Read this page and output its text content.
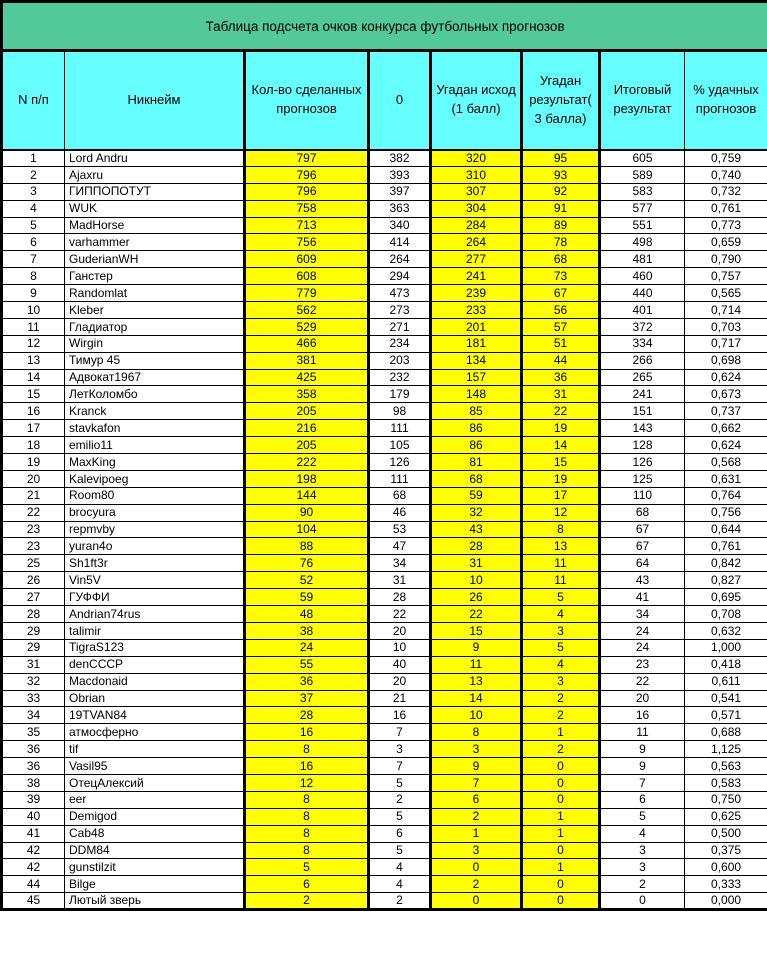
Таблица подсчета очков конкурса футбольных прогнозов							
N п/п	Никнейм	Кол-во сделанных прогнозов	0	Угадан исход (1 балл)	Угадан результат( 3 балла)	Итоговый результат	% удачных прогнозов
1	Lord Andru	797	382	320	95	605	0,759
2	Ajaxru	796	393	310	93	589	0,740
3	ГИППОПОТУТ	796	397	307	92	583	0,732
4	WUK	758	363	304	91	577	0,761
5	MadHorse	713	340	284	89	551	0,773
6	varhammer	756	414	264	78	498	0,659
7	GuderianWH	609	264	277	68	481	0,790
8	Ганстер	608	294	241	73	460	0,757
9	Randomlat	779	473	239	67	440	0,565
10	Kleber	562	273	233	56	401	0,714
11	Гладиатор	529	271	201	57	372	0,703
12	Wirgin	466	234	181	51	334	0,717
13	Тимур 45	381	203	134	44	266	0,698
14	Адвокат1967	425	232	157	36	265	0,624
15	ЛетКоломбо	358	179	148	31	241	0,673
16	Kranck	205	98	85	22	151	0,737
17	stavkafon	216	111	86	19	143	0,662
18	emilio11	205	105	86	14	128	0,624
19	MaxKing	222	126	81	15	126	0,568
20	Kalevipoeg	198	111	68	19	125	0,631
21	Room80	144	68	59	17	110	0,764
22	brocyura	90	46	32	12	68	0,756
23	repmvby	104	53	43	8	67	0,644
23	yuran4o	88	47	28	13	67	0,761
25	Sh1ft3r	76	34	31	11	64	0,842
26	Vin5V	52	31	10	11	43	0,827
27	ГУФФИ	59	28	26	5	41	0,695
28	Andrian74rus	48	22	22	4	34	0,708
29	talimir	38	20	15	3	24	0,632
29	TigraS123	24	10	9	5	24	1,000
31	denCCCP	55	40	11	4	23	0,418
32	Macdonaid	36	20	13	3	22	0,611
33	Obrian	37	21	14	2	20	0,541
34	19TVAN84	28	16	10	2	16	0,571
35	атмосферно	16	7	8	1	11	0,688
36	tif	8	3	3	2	9	1,125
36	Vasil95	16	7	9	0	9	0,563
38	ОтецАлексий	12	5	7	0	7	0,583
39	eer	8	2	6	0	6	0,750
40	Demigod	8	5	2	1	5	0,625
41	Cab48	8	6	1	1	4	0,500
42	DDM84	8	5	3	0	3	0,375
42	gunstilzit	5	4	0	1	3	0,600
44	Bilge	6	4	2	0	2	0,333
45	Лютый зверь	2	2	0	0	0	0,000
